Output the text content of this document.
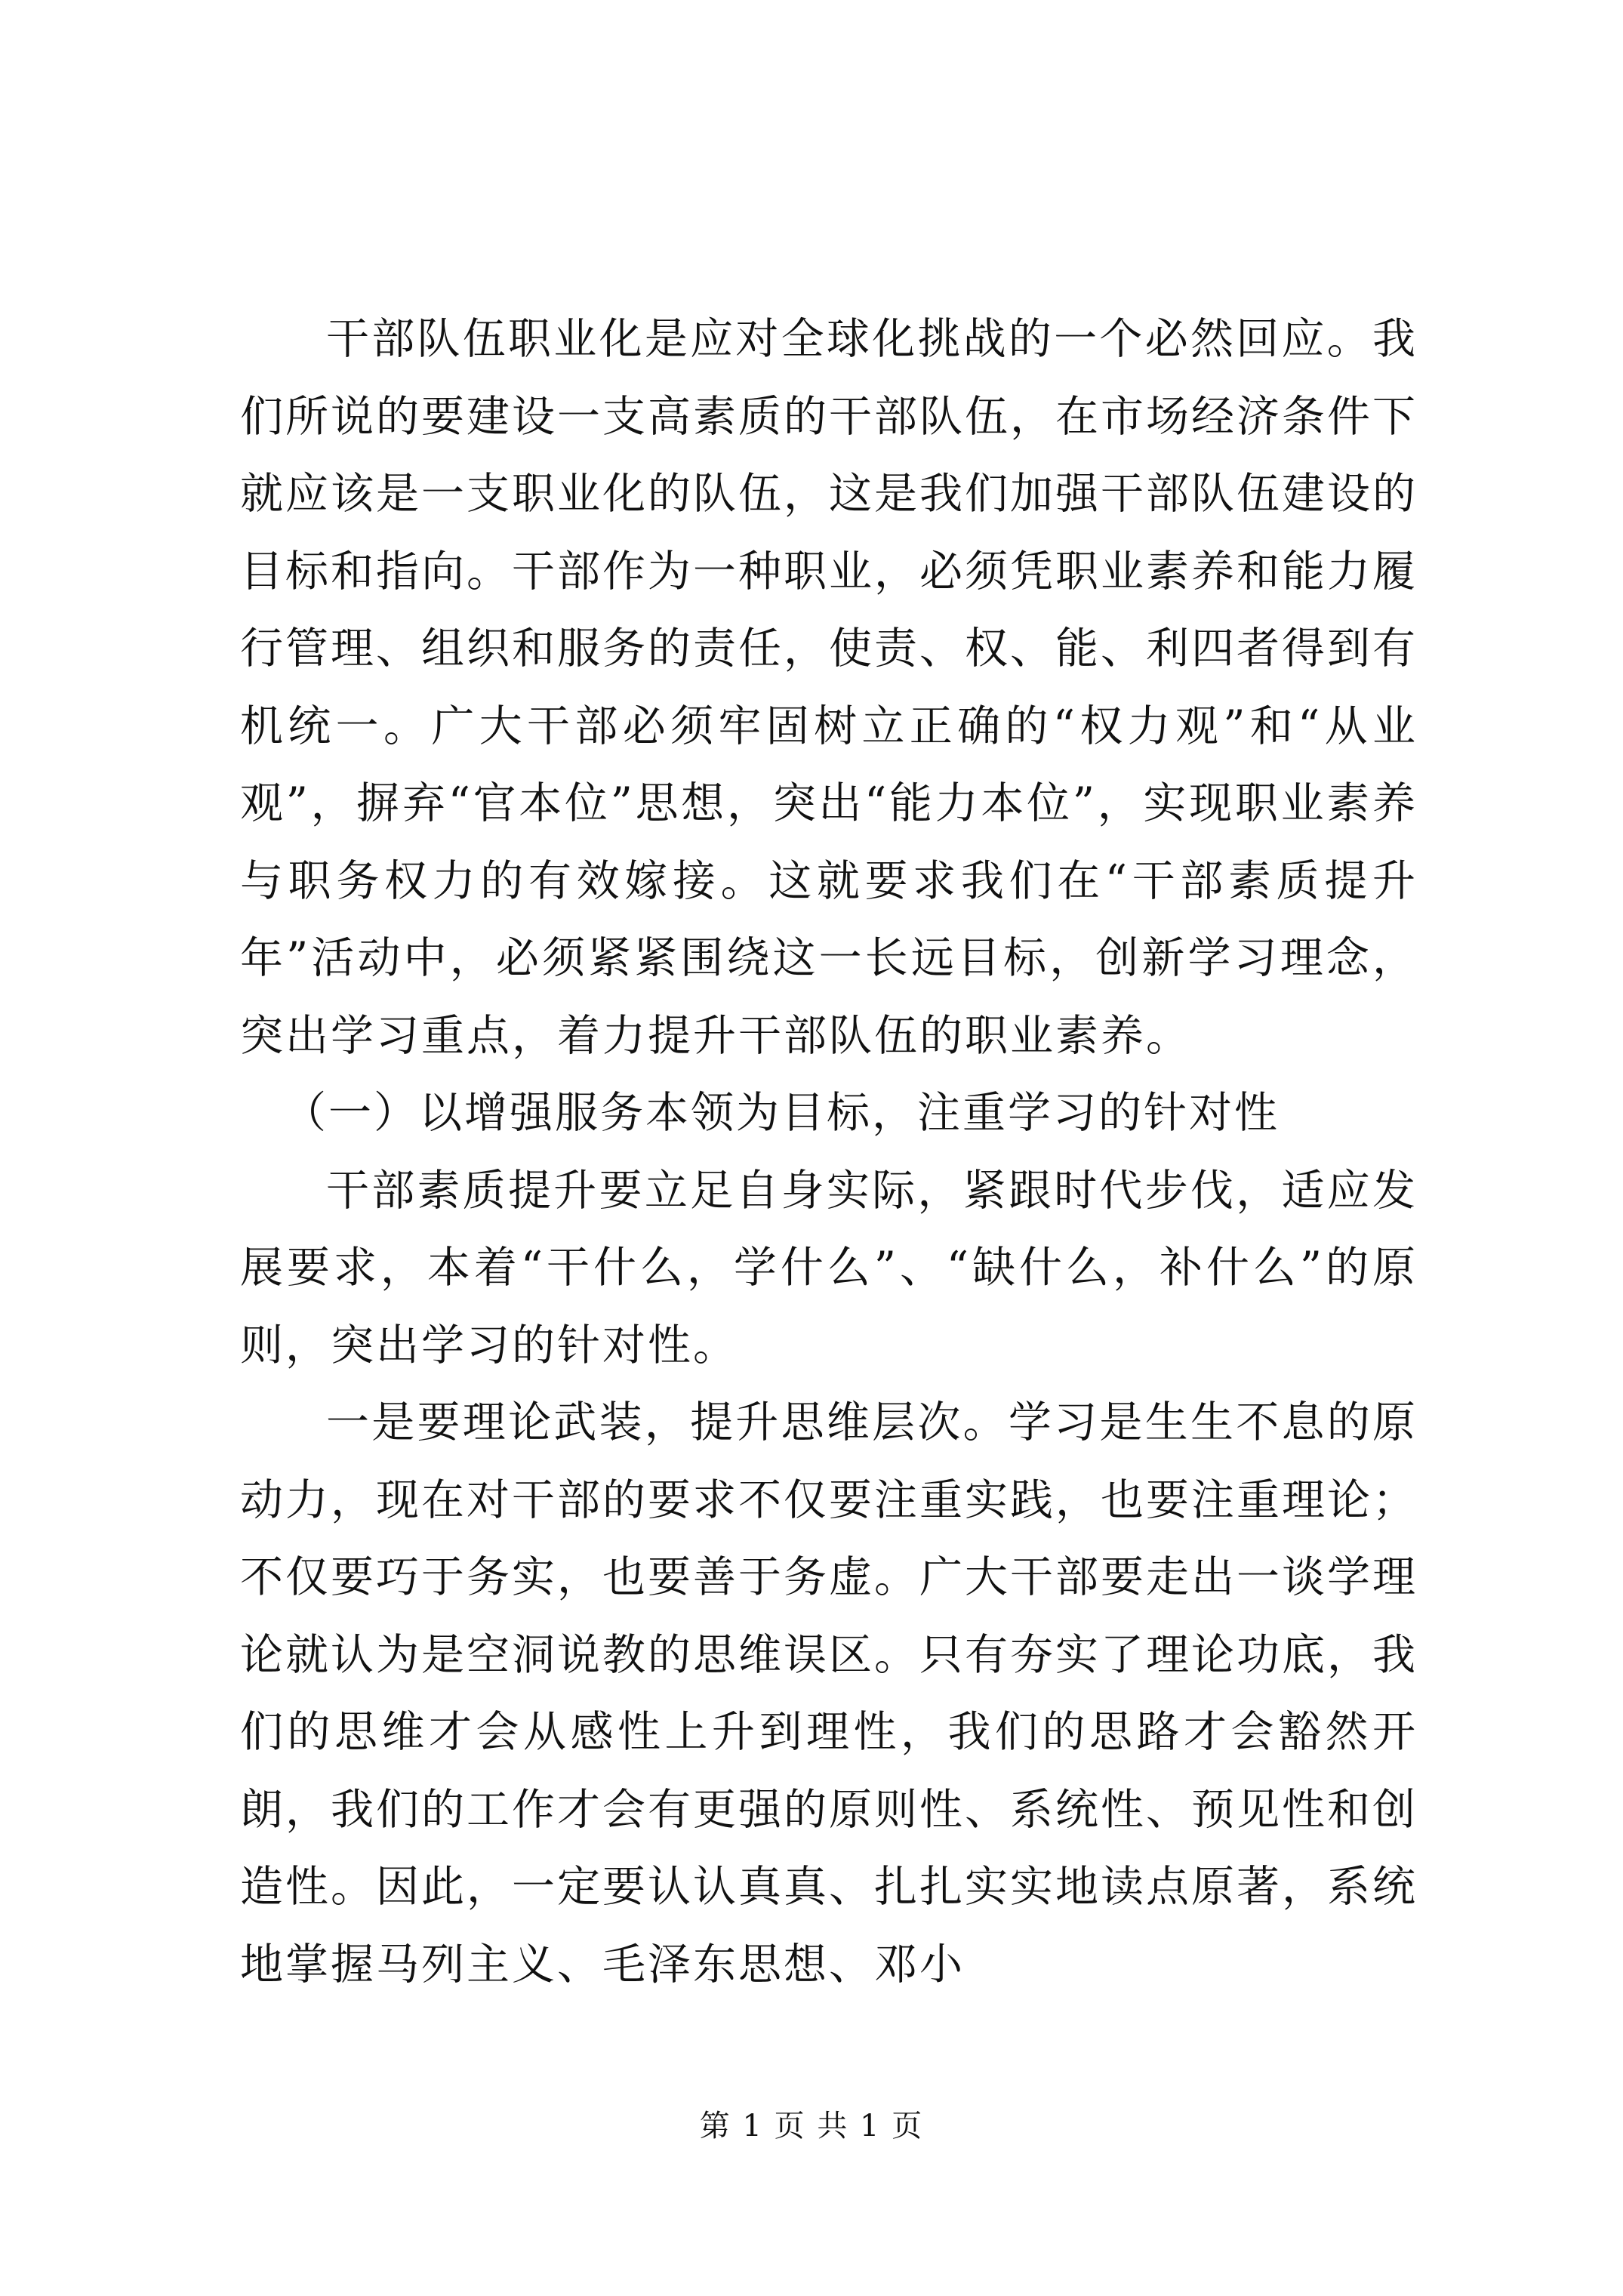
干部队伍职业化是应对全球化挑战的一个必然回应。我们所说的要建设一支高素质的干部队伍，在市场经济条件下就应该是一支职业化的队伍，这是我们加强干部队伍建设的目标和指向。干部作为一种职业，必须凭职业素养和能力履行管理、组织和服务的责任，使责、权、能、利四者得到有机统一。广大干部必须牢固树立正确的“权力观”和“从业观”，摒弃“官本位”思想，突出“能力本位”，实现职业素养与职务权力的有效嫁接。这就要求我们在“干部素质提升年”活动中，必须紧紧围绕这一长远目标，创新学习理念，突出学习重点，着力提升干部队伍的职业素养。

（一）以增强服务本领为目标，注重学习的针对性

干部素质提升要立足自身实际，紧跟时代步伐，适应发展要求，本着“干什么，学什么”、“缺什么，补什么”的原则，突出学习的针对性。

一是要理论武装，提升思维层次。学习是生生不息的原动力，现在对干部的要求不仅要注重实践，也要注重理论；不仅要巧于务实，也要善于务虚。广大干部要走出一谈学理论就认为是空洞说教的思维误区。只有夯实了理论功底，我们的思维才会从感性上升到理性，我们的思路才会豁然开朗，我们的工作才会有更强的原则性、系统性、预见性和创造性。因此，一定要认认真真、扎扎实实地读点原著，系统地掌握马列主义、毛泽东思想、邓小

第 1 页 共 1 页
